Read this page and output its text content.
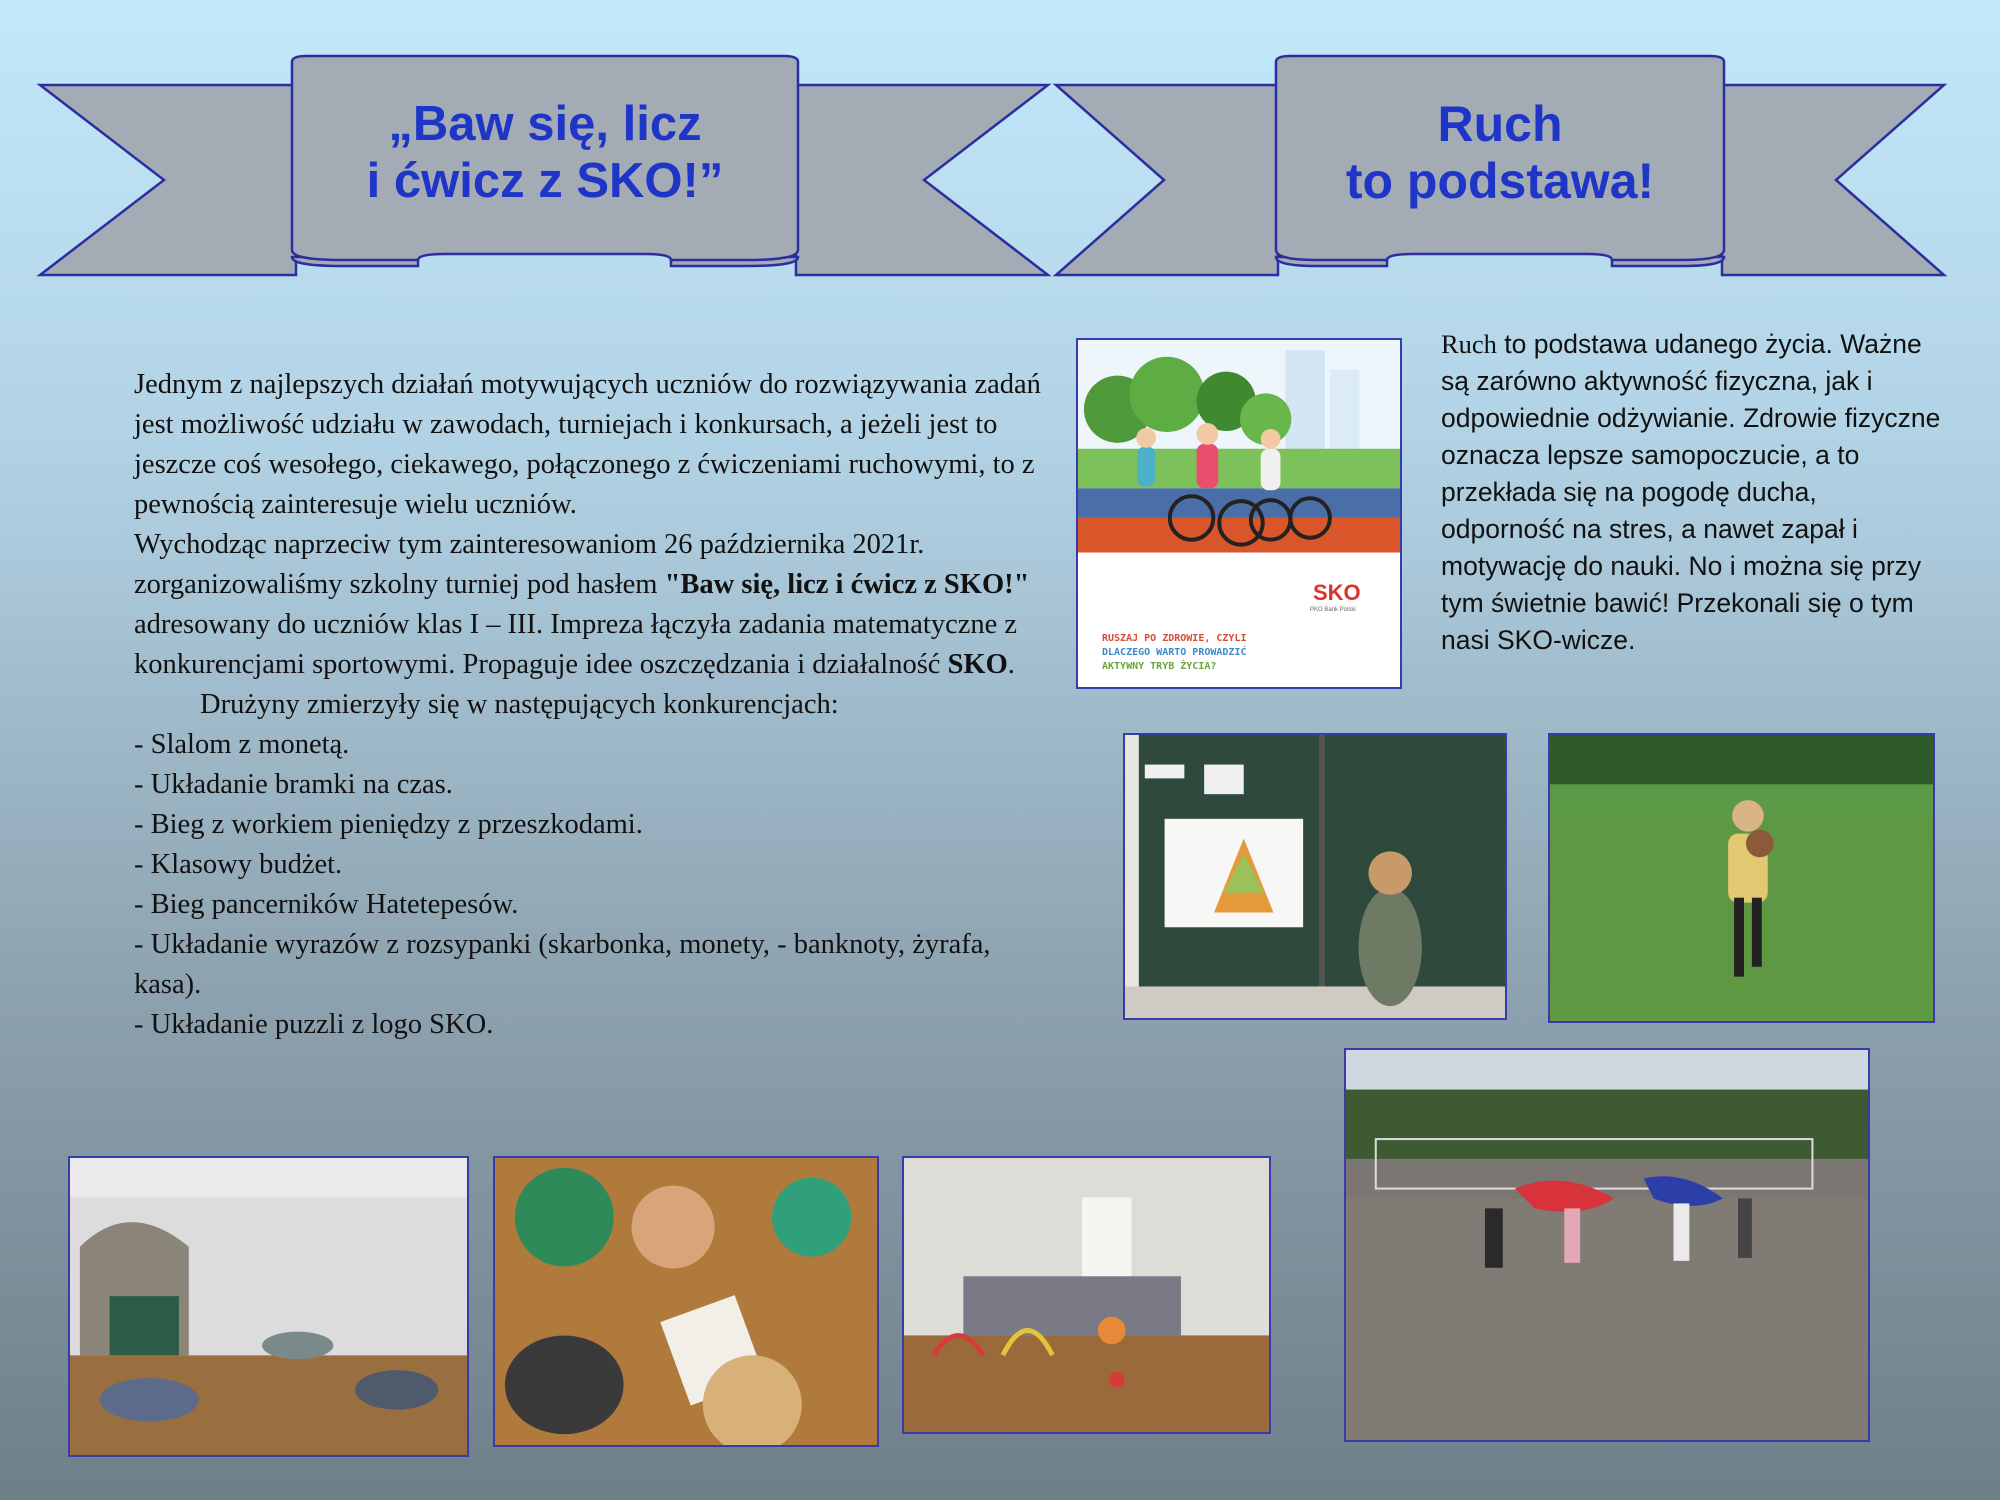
„Baw się, licz
i ćwicz z SKO!”
Ruch
to podstawa!

Jednym z najlepszych działań motywujących uczniów do rozwiązywania zadań jest możliwość udziału w zawodach, turniejach i konkursach, a jeżeli jest to jeszcze coś wesołego, ciekawego, połączonego z ćwiczeniami ruchowymi, to z pewnością zainteresuje wielu uczniów.

Wychodząc naprzeciw tym zainteresowaniom 26 października 2021r. zorganizowaliśmy szkolny turniej pod hasłem "Baw się, licz i ćwicz z SKO!" adresowany do uczniów klas I – III. Impreza łączyła zadania matematyczne z konkurencjami sportowymi. Propaguje idee oszczędzania i działalność SKO.

Drużyny zmierzyły się w następujących konkurencjach:

- Slalom z monetą.
- Układanie bramki na czas.
- Bieg z workiem pieniędzy z przeszkodami.
- Klasowy budżet.
- Bieg pancerników Hatetepesów.
- Układanie wyrazów z rozsypanki (skarbonka, monety, - banknoty, żyrafa, kasa).
- Układanie puzzli z logo SKO.

Ruch to podstawa udanego życia. Ważne są zarówno aktywność fizyczna, jak i odpowiednie odżywianie. Zdrowie fizyczne oznacza lepsze samopoczucie, a to przekłada się na pogodę ducha, odporność na stres, a nawet zapał i motywację do nauki. No i można się przy tym świetnie bawić! Przekonali się o tym nasi SKO-wicze.

SKO
PKO Bank Polski
RUSZAJ PO ZDROWIE, CZYLI
DLACZEGO WARTO PROWADZIĆ
AKTYWNY TRYB ŻYCIA?
